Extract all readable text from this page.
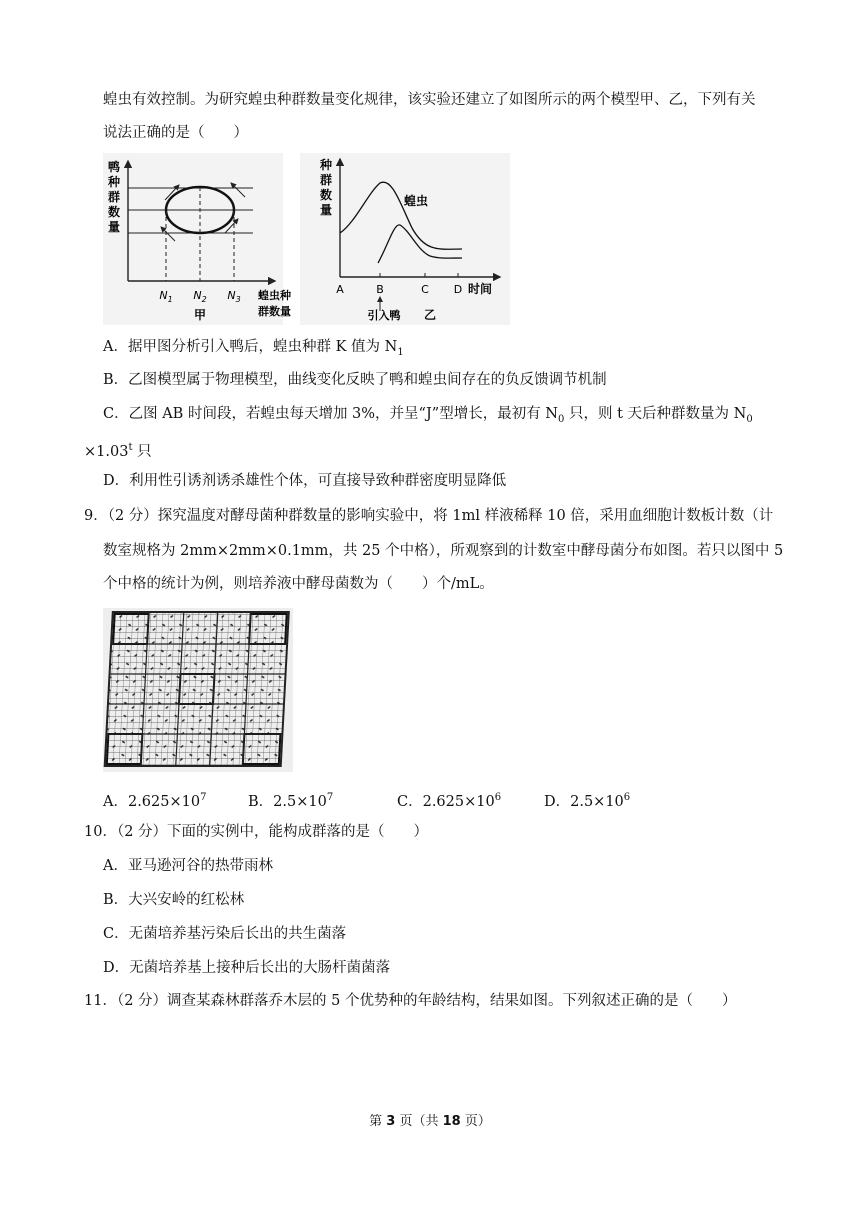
蝗虫有效控制。为研究蝗虫种群数量变化规律，该实验还建立了如图所示的两个模型甲、乙，下列有关
说法正确的是（　　）
鸭
种
群
数
量
$N_1$ $N_2$ $N_3$
甲
蝗虫种
群数量
种
群
数
量
蝗虫
A	B	C D 时间
引入鸭 乙
A．据甲图分析引入鸭后，蝗虫种群 K 值为 $N_1$
B．乙图模型属于物理模型，曲线变化反映了鸭和蝗虫间存在的负反馈调节机制
C．乙图 AB 时间段，若蝗虫每天增加 3%，并呈“J”型增长，最初有 $N_0$ 只，则 t 天后种群数量为 $N_0$
$\times 1.03^t$ 只
D．利用性引诱剂诱杀雄性个体，可直接导致种群密度明显降低
9．（2 分）探究温度对酵母菌种群数量的影响实验中，将 1ml 样液稀释 10 倍，采用血细胞计数板计数（计
数室规格为 2mm×2mm×0.1mm，共 25 个中格），所观察到的计数室中酵母菌分布如图。若只以图中 5
个中格的统计为例，则培养液中酵母菌数为（　　）个/mL。
A．$2.625\times 10^7$	B．$2.5\times 10^7$	C．$2.625\times 10^6$	D．$2.5\times 10^6$
10．（2 分）下面的实例中，能构成群落的是（　　）
A．亚马逊河谷的热带雨林
B．大兴安岭的红松林
C．无菌培养基污染后长出的共生菌落
D．无菌培养基上接种后长出的大肠杆菌菌落
11．（2 分）调查某森林群落乔木层的 5 个优势种的年龄结构，结果如图。下列叙述正确的是（　　）
第 3 页（共 18 页）
